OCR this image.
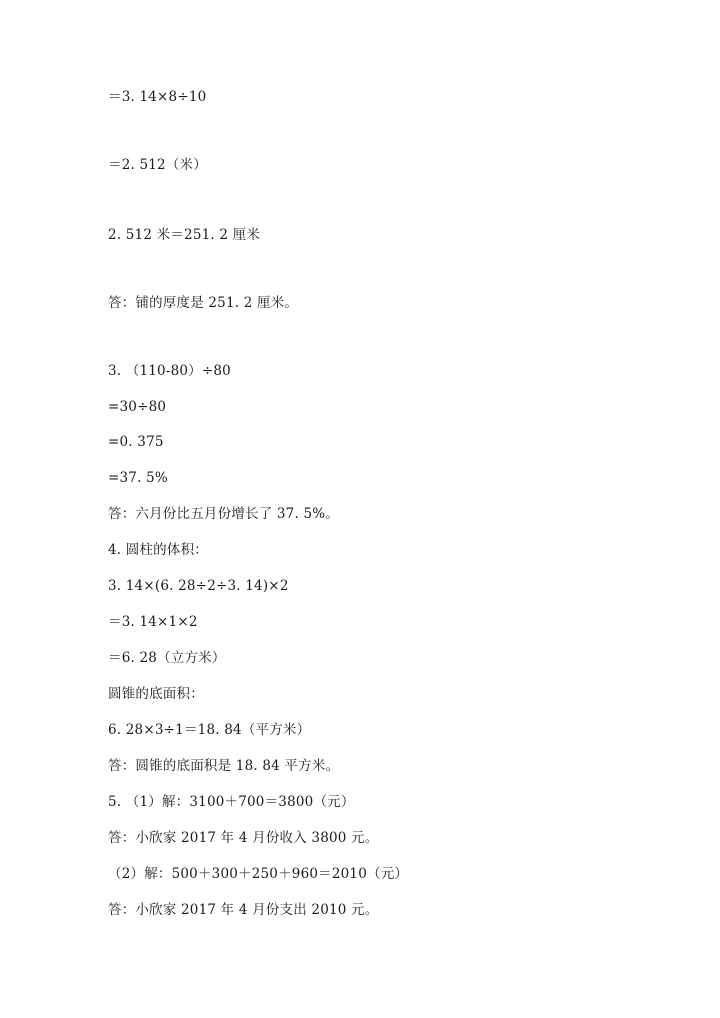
＝3. 14×8÷10
＝2. 512（米）
2. 512 米＝251. 2 厘米
答：铺的厚度是 251. 2 厘米。
3. （110-80）÷80
=30÷80
=0. 375
=37. 5%
答：六月份比五月份增长了 37. 5%。
4. 圆柱的体积：
3. 14×(6. 28÷2÷3. 14)×2
＝3. 14×1×2
＝6. 28（立方米）
圆锥的底面积：
6. 28×3÷1＝18. 84（平方米）
答：圆锥的底面积是 18. 84 平方米。
5. （1）解：3100＋700＝3800（元）
答：小欣家 2017 年 4 月份收入 3800 元。
（2）解：500＋300＋250＋960＝2010（元）
答：小欣家 2017 年 4 月份支出 2010 元。
